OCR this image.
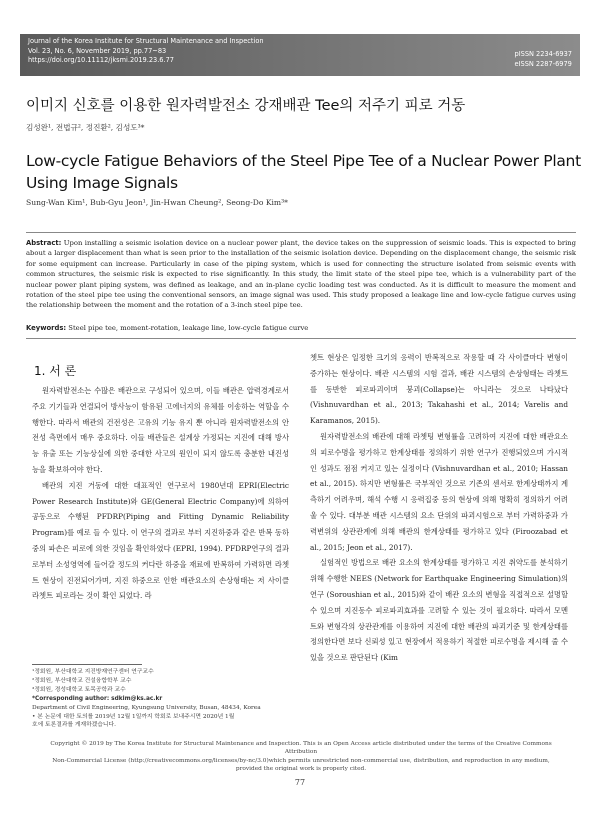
Journal of the Korea Institute for Structural Maintenance and Inspection
Vol. 23, No. 6, November 2019, pp.77~83
https://doi.org/10.11112/jksmi.2019.23.6.77
pISSN 2234-6937
eISSN 2287-6979
이미지 신호를 이용한 원자력발전소 강재배관 Tee의 저주기 피로 거동
김성완¹, 전법규², 정진환², 김성도³*
Low-cycle Fatigue Behaviors of the Steel Pipe Tee of a Nuclear Power Plant Using Image Signals
Sung-Wan Kim¹, Bub-Gyu Jeon¹, Jin-Hwan Cheung², Seong-Do Kim³*
Abstract: Upon installing a seismic isolation device on a nuclear power plant, the device takes on the suppression of seismic loads. This is expected to bring about a larger displacement than what is seen prior to the installation of the seismic isolation device. Depending on the displacement change, the seismic risk for some equipment can increase. Particularly in case of the piping system, which is used for connecting the structure isolated from seismic events with common structures, the seismic risk is expected to rise significantly. In this study, the limit state of the steel pipe tee, which is a vulnerability part of the nuclear power plant piping system, was defined as leakage, and an in-plane cyclic loading test was conducted. As it is difficult to measure the moment and rotation of the steel pipe tee using the conventional sensors, an image signal was used. This study proposed a leakage line and low-cycle fatigue curves using the relationship between the moment and the rotation of a 3-inch steel pipe tee.
Keywords: Steel pipe tee, moment-rotation, leakage line, low-cycle fatigue curve
1. 서 론

원자력발전소는 수많은 배관으로 구성되어 있으며, 이들 배관은 압력경계로서 주요 기기들과 연결되어 방사능이 함유된 고에너지의 유체를 이송하는 역할을 수행한다. 따라서 배관의 건전성은 고유의 기능 유지 뿐 아니라 원자력발전소의 안전성 측면에서 매우 중요하다. 이들 배관들은 설계상 가정되는 지진에 대해 방사능 유출 또는 기능상실에 의한 중대한 사고의 원인이 되지 않도록 충분한 내진성능을 확보하여야 한다.

배관의 지진 거동에 대한 대표적인 연구로서 1980년대 EPRI(Electric Power Research Institute)와 GE(General Electric Company)에 의하여 공동으로 수행된 PFDRP(Piping and Fitting Dynamic Reliability Program)를 예로 들 수 있다. 이 연구의 결과로 부터 지진하중과 같은 반복 동하중의 파손은 피로에 의한 것임을 확인하였다 (EPRI, 1994). PFDRP연구의 결과로부터 소성영역에 들어갈 정도의 커다란 하중을 재료에 반복하여 가력하면 라쳇트 현상이 진전되어가며, 지진 하중으로 인한 배관요소의 손상형태는 저 사이클 라쳇트 피로라는 것이 확인 되었다. 라

쳇트 현상은 일정한 크기의 응력이 반복적으로 작용할 때 각 사이클마다 변형이 증가하는 현상이다. 배관 시스템의 시험 결과, 배관 시스템의 손상형태는 라쳇트를 동반한 피로파괴이며 붕괴(Collapse)는 아니라는 것으로 나타났다 (Vishnuvardhan et al., 2013; Takahashi et al., 2014; Varelis and Karamanos, 2015).

원자력발전소의 배관에 대해 라쳇팅 변형률을 고려하여 지진에 대한 배관요소의 피로수명을 평가하고 한계상태를 정의하기 위한 연구가 진행되었으며 가시적인 성과도 점점 커지고 있는 실정이다 (Vishnuvardhan et al., 2010; Hassan et al., 2015). 하지만 변형률은 국부적인 것으로 기존의 센서로 한계상태까지 계측하기 어려우며, 해석 수행 시 응력집중 등의 현상에 의해 명확히 정의하기 어려울 수 있다. 대부분 배관 시스템의 요소 단위의 파괴시험으로 부터 가력하중과 가력변위의 상관관계에 의해 배관의 한계상태를 평가하고 있다 (Firoozabad et al., 2015; Jeon et al., 2017).

실험적인 방법으로 배관 요소의 한계상태를 평가하고 지진 취약도를 분석하기 위해 수행한 NEES (Network for Earthquake Engineering Simulation)의 연구 (Soroushian et al., 2015)와 같이 배관 요소의 변형을 직접적으로 설명할 수 있으며 지진동수 피로파괴효과를 고려할 수 있는 것이 필요하다. 따라서 모멘트와 변형각의 상관관계를 이용하여 지진에 대한 배관의 파괴기준 및 한계상태를 정의한다면 보다 신뢰성 있고 현장에서 적용하기 적절한 피로수명을 제시해 줄 수 있을 것으로 판단된다 (Kim

¹정회원, 부산대학교 지진방재연구센터 연구교수
²정회원, 부산대학교 건설융합학부 교수
³정회원, 경성대학교 토목공학과 교수
*Corresponding author: sdkim@ks.ac.kr
Department of Civil Engineering, Kyungsung University, Busan, 48434, Korea
• 본 논문에 대한 토의를 2019년 12월 1일까지 학회로 보내주시면 2020년 1월
호에 토론결과를 게재하겠습니다.
Copyright © 2019 by The Korea Institute for Structural Maintenance and Inspection. This is an Open Access article distributed under the terms of the Creative Commons Attribution
Non-Commercial License (http://creativecommons.org/licenses/by-nc/3.0)which permits unrestricted non-commercial use, distribution, and reproduction in any medium,
provided the original work is properly cited.
77
